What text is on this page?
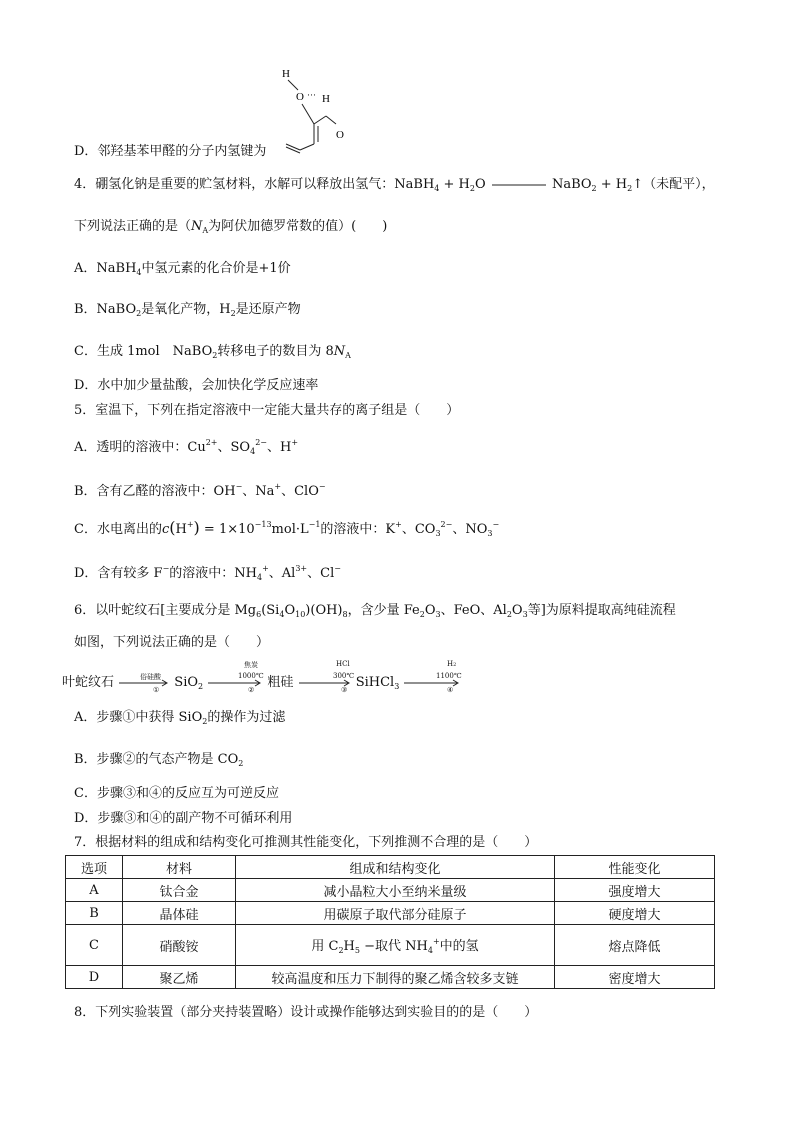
H
O ··· H
O
D．邻羟基苯甲醛的分子内氢键为
4．硼氢化钠是重要的贮氢材料，水解可以释放出氢气：NaBH$_4$ + $H_2O$	NaBO$_2$ + $H_2↑$（未配平），
下列说法正确的是（$N_A$为阿伏加德罗常数的值）(　　)
A．NaBH$_4$中氢元素的化合价是+1价
B．NaBO$_2$是氧化产物，$H_2$是还原产物
C．生成 1mol　NaBO$_2$转移电子的数目为 $8N_A$
D．水中加少量盐酸，会加快化学反应速率
5．室温下，下列在指定溶液中一定能大量共存的离子组是（　　）
A．透明的溶液中：$Cu^{2+}$、$SO_4^{2-}$、H+
B．含有乙醛的溶液中：OH−、Na+、ClO−
C．水电离出的$c(H^+) = 1\times 10^{-13}mol\cdot L^{-1}$的溶液中：K+、$CO_3^{2-}$、$NO_3^-$
D．含有较多 F−的溶液中：$NH_4^+$、$Al^{3+}$、Cl−
6．以叶蛇纹石[主要成分是 $Mg_6(Si_4O_{10})(OH)_8$，含少量 $Fe_2O_3$、FeO、$Al_2O_3$等]为原料提取高纯硅流程
如图，下列说法正确的是（　　）
叶蛇纹石	SiO$_2$	粗硅	SiHCl$_3$
俗硅酸
①
焦炭
1000℃
②
HCl
300℃
③
H2
1100℃
④
A．步骤①中获得 SiO$_2$的操作为过滤
B．步骤②的气态产物是 $CO_2$
C．步骤③和④的反应互为可逆反应
D．步骤③和④的副产物不可循环利用
7．根据材料的组成和结构变化可推测其性能变化，下列推测不合理的是（　　）
选项	材料	组成和结构变化	性能变化
A	钛合金	减小晶粒大小至纳米量级	强度增大
B	晶体硅	用碳原子取代部分硅原子	硬度增大
C	硝酸铵	用 $C_2H_5$ −取代 $NH_4^+$中的氢	熔点降低
D	聚乙烯	较高温度和压力下制得的聚乙烯含较多支链	密度增大
8．下列实验装置（部分夹持装置略）设计或操作能够达到实验目的的是（　　）
